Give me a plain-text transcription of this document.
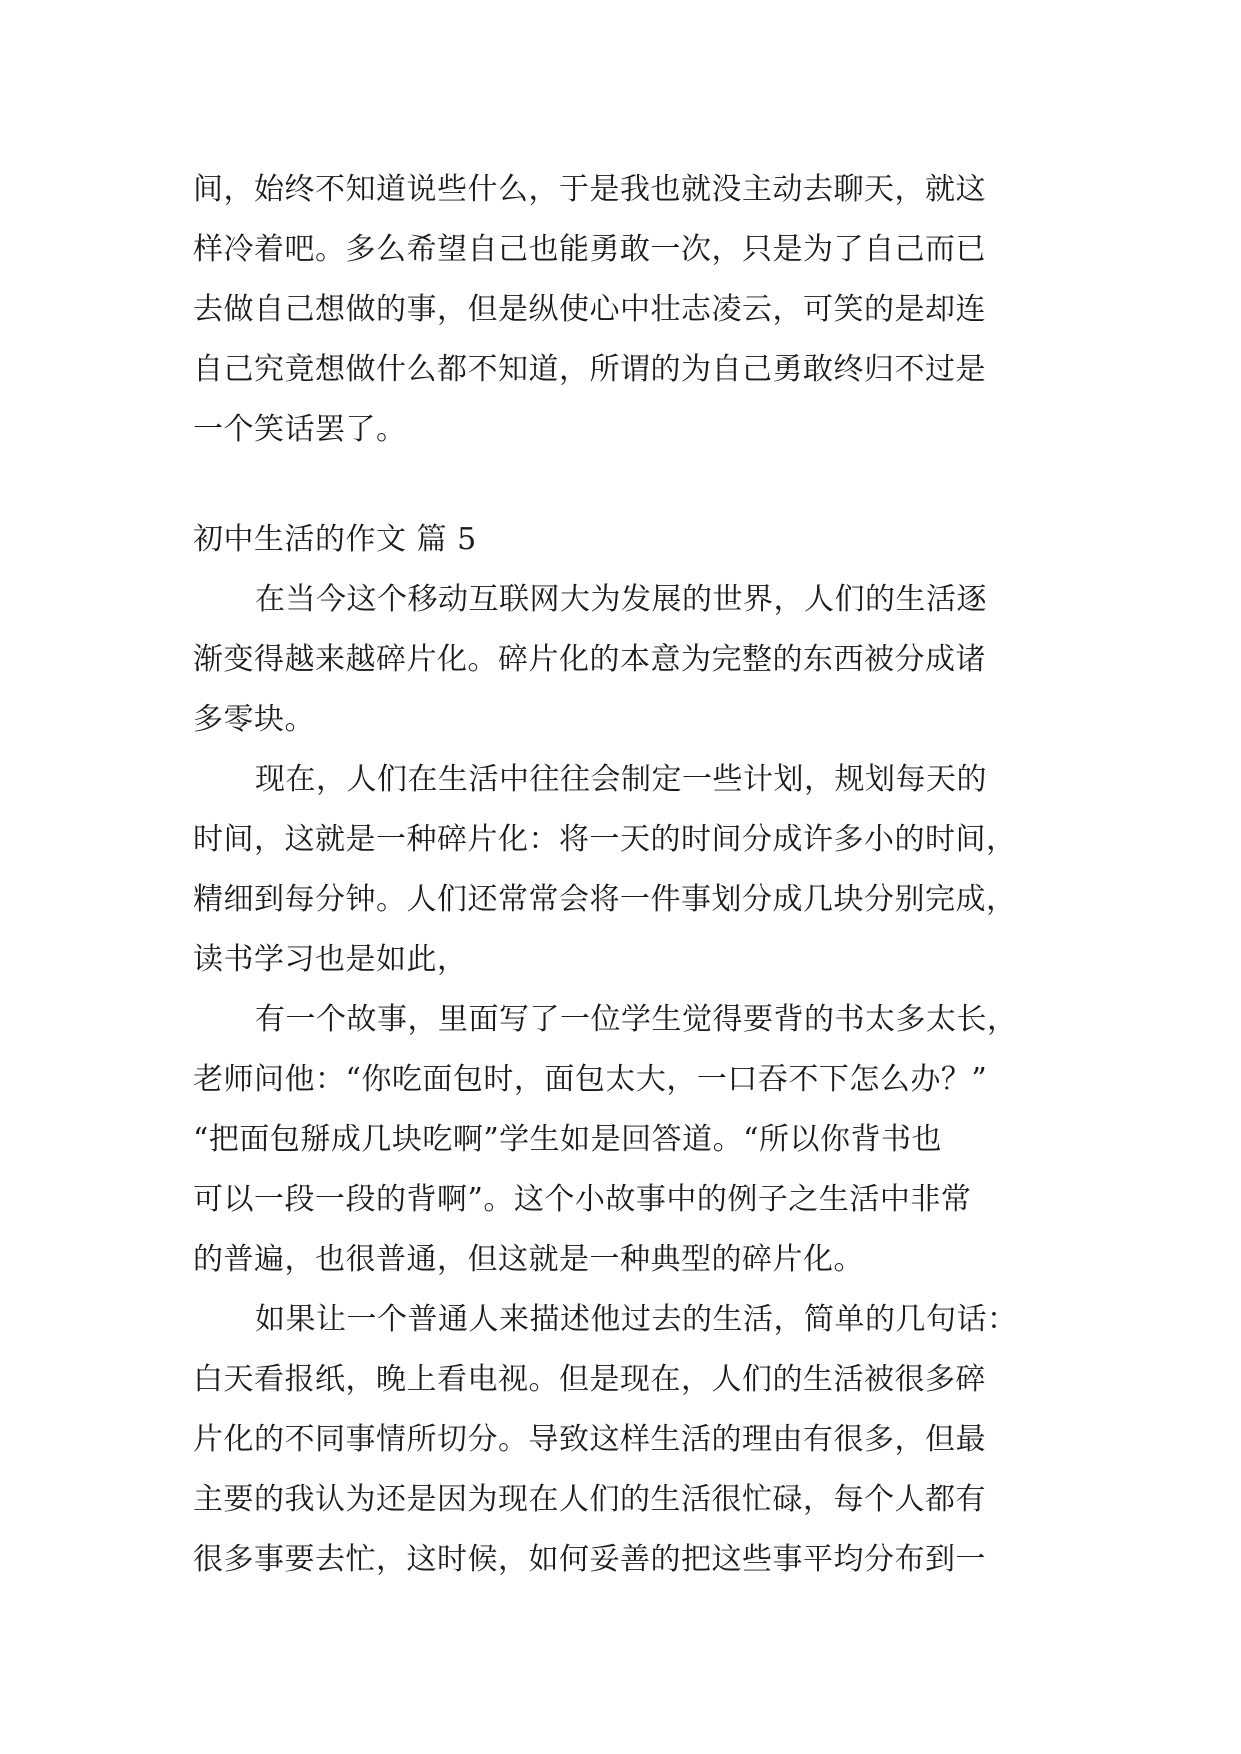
间，始终不知道说些什么，于是我也就没主动去聊天，就这
样冷着吧。多么希望自己也能勇敢一次，只是为了自己而已
去做自己想做的事，但是纵使心中壮志凌云，可笑的是却连
自己究竟想做什么都不知道，所谓的为自己勇敢终归不过是
一个笑话罢了。
初中生活的作文 篇 5
在当今这个移动互联网大为发展的世界，人们的生活逐
渐变得越来越碎片化。碎片化的本意为完整的东西被分成诸
多零块。
现在，人们在生活中往往会制定一些计划，规划每天的
时间，这就是一种碎片化：将一天的时间分成许多小的时间，
精细到每分钟。人们还常常会将一件事划分成几块分别完成，
读书学习也是如此，
有一个故事，里面写了一位学生觉得要背的书太多太长，
老师问他：“你吃面包时，面包太大，一口吞不下怎么办？”
“把面包掰成几块吃啊”学生如是回答道。“所以你背书也
可以一段一段的背啊”。这个小故事中的例子之生活中非常
的普遍，也很普通，但这就是一种典型的碎片化。
如果让一个普通人来描述他过去的生活，简单的几句话：
白天看报纸，晚上看电视。但是现在，人们的生活被很多碎
片化的不同事情所切分。导致这样生活的理由有很多，但最
主要的我认为还是因为现在人们的生活很忙碌，每个人都有
很多事要去忙，这时候，如何妥善的把这些事平均分布到一
